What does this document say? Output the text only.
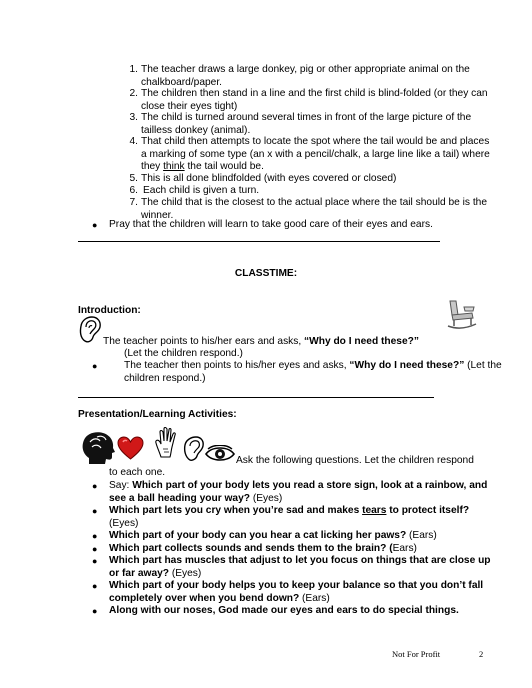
1. The teacher draws a large donkey, pig or other appropriate animal on the chalkboard/paper.
2. The children then stand in a line and the first child is blind-folded (or they can close their eyes tight)
3. The child is turned around several times in front of the large picture of the tailless donkey (animal).
4. That child then attempts to locate the spot where the tail would be and places a marking of some type (an x with a pencil/chalk, a large line like a tail) where they think the tail would be.
5. This is all done blindfolded (with eyes covered or closed)
6. Each child is given a turn.
7. The child that is the closest to the actual place where the tail should be is the winner.
● Pray that the children will learn to take good care of their eyes and ears.
CLASSTIME:
Introduction:
The teacher points to his/her ears and asks, “Why do I need these?”
(Let the children respond.)
●	The teacher then points to his/her eyes and asks, “Why do I need these?” (Let the children respond.)
Presentation/Learning Activities:
Ask the following questions. Let the children respond
to each one.
● Say: Which part of your body lets you read a store sign, look at a rainbow, and see a ball heading your way? (Eyes)
● Which part lets you cry when you’re sad and makes tears to protect itself?
(Eyes)
● Which part of your body can you hear a cat licking her paws? (Ears)
● Which part collects sounds and sends them to the brain? (Ears)
● Which part has muscles that adjust to let you focus on things that are close up or far away? (Eyes)
● Which part of your body helps you to keep your balance so that you don’t fall completely over when you bend down? (Ears)
● Along with our noses, God made our eyes and ears to do special things.
Not For Profit	2
